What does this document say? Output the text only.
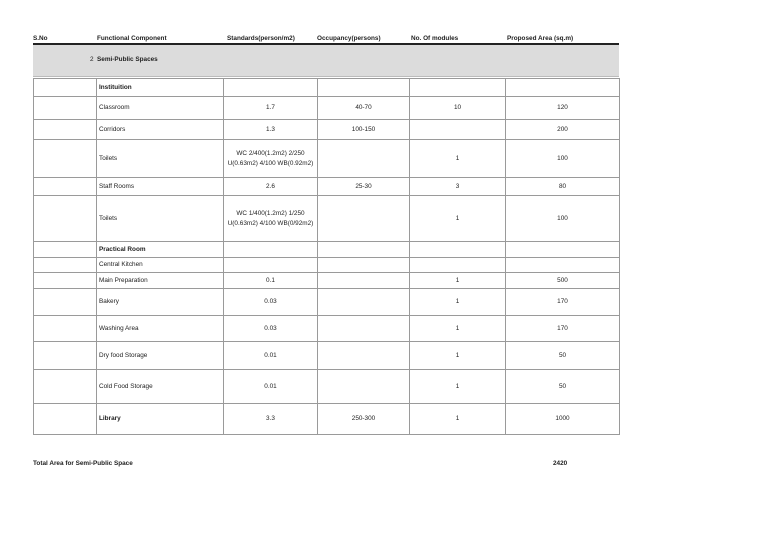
S.No	Functional Component	Standards(person/m2)	Occupancy(persons)	No. Of modules	Proposed Area (sq.m)
2 Semi-Public Spaces
	Instituition				
	Classroom	1.7	40-70	10	120
	Corridors	1.3	100-150		200
	Toilets	WC 2/400(1.2m2) 2/250 U(0.63m2) 4/100 WB(0.92m2)		1	100
	Staff Rooms	2.6	25-30	3	80
	Toilets	WC 1/400(1.2m2) 1/250 U(0.63m2) 4/100 WB(0/92m2)		1	100
	Practical Room				
	Central Kitchen				
	Main Preparation	0.1		1	500
	Bakery	0.03		1	170
	Washing Area	0.03		1	170
	Dry food Storage	0.01		1	50
	Cold Food Storage	0.01		1	50
	Library	3.3	250-300	1	1000
Total Area for Semi-Public Space	2420
